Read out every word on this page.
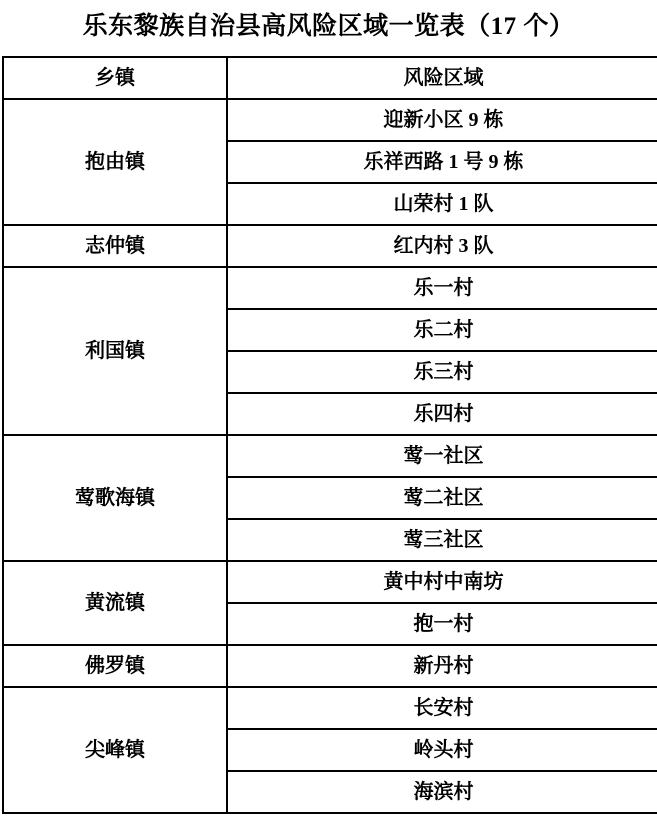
乐东黎族自治县高风险区域一览表（17 个）
乡镇	风险区域
抱由镇	迎新小区 9 栋
	乐祥西路 1 号 9 栋
	山荣村 1 队
志仲镇	红内村 3 队
利国镇	乐一村
	乐二村
	乐三村
	乐四村
莺歌海镇	莺一社区
	莺二社区
	莺三社区
黄流镇	黄中村中南坊
	抱一村
佛罗镇	新丹村
尖峰镇	长安村
	岭头村
	海滨村
